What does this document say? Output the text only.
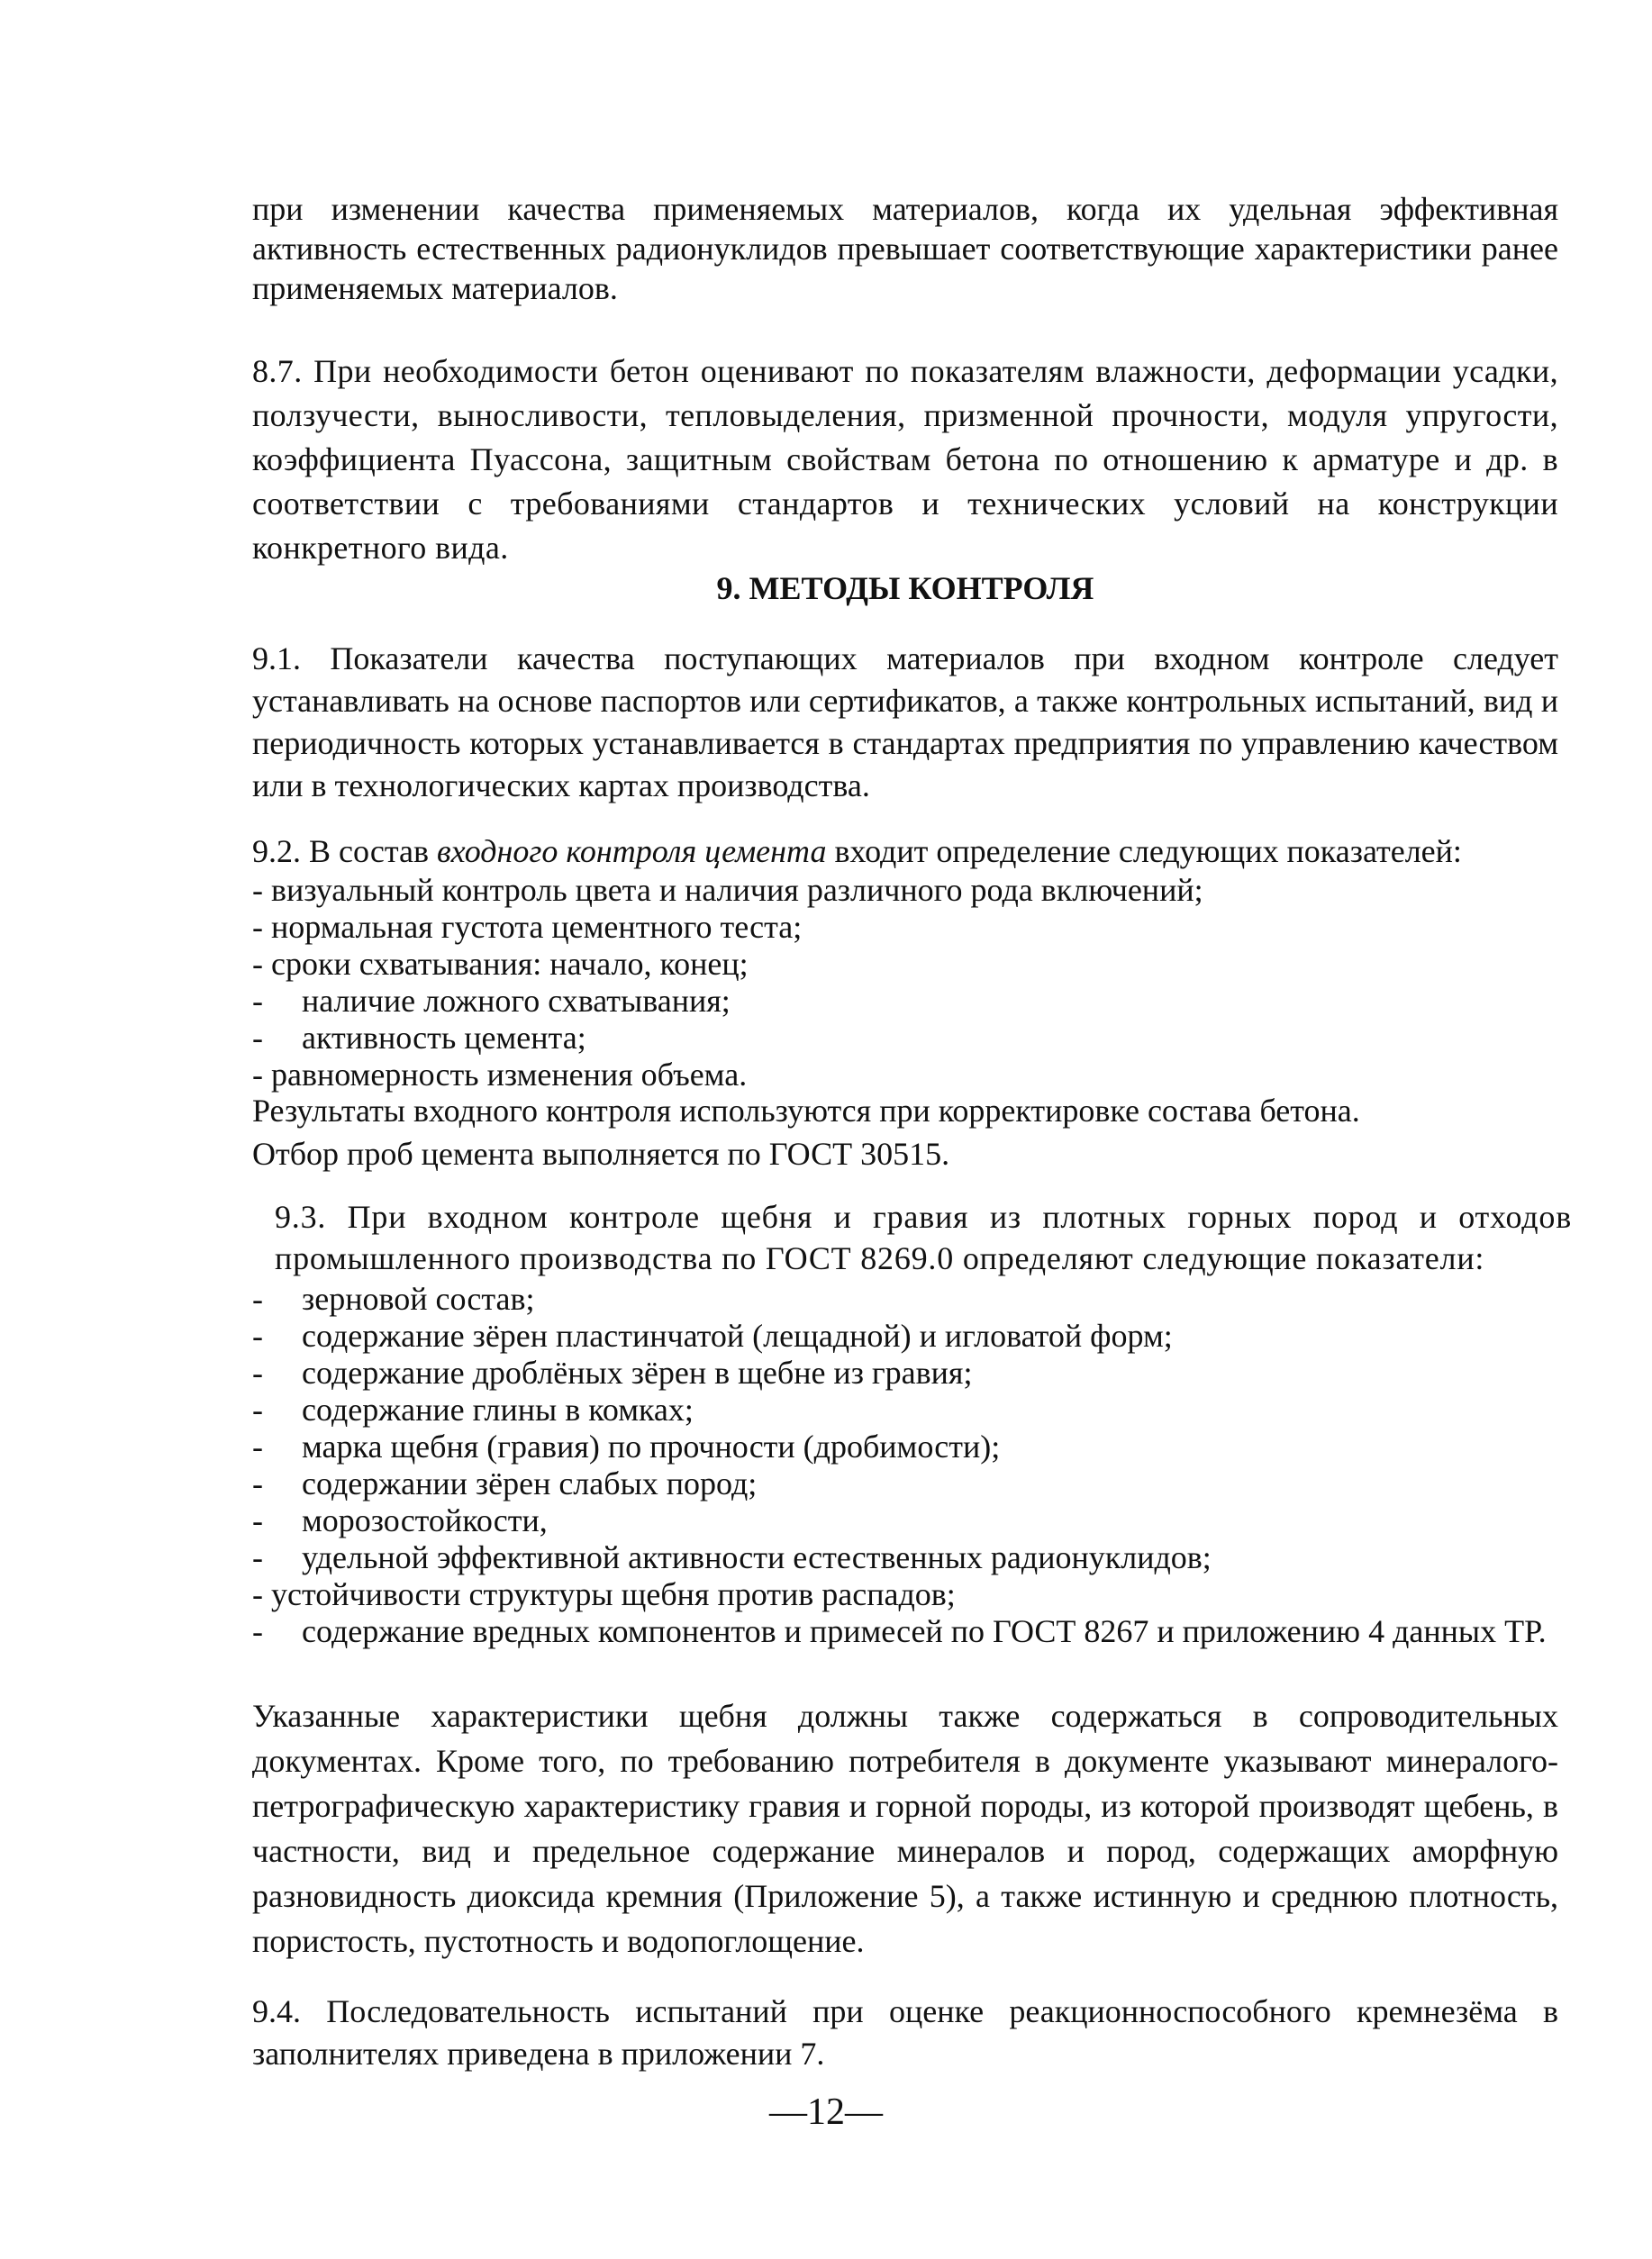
при изменении качества применяемых материалов, когда их удельная эффективная активность естественных радионуклидов превышает соответствующие характеристики ранее применяемых материалов.

8.7. При необходимости бетон оценивают по показателям влажности, деформации усадки, ползучести, выносливости, тепловыделения, призменной прочности, модуля упругости, коэффициента Пуассона, защитным свойствам бетона по отношению к арматуре и др. в соответствии с требованиями стандартов и технических условий на конструкции конкретного вида.

9. МЕТОДЫ КОНТРОЛЯ

9.1. Показатели качества поступающих материалов при входном контроле следует устанавливать на основе паспортов или сертификатов, а также контрольных испытаний, вид и периодичность которых устанавливается в стандартах предприятия по управлению качеством или в технологических картах производства.

9.2. В состав входного контроля цемента входит определение следующих показателей:

- визуальный контроль цвета и наличия различного рода включений;
- нормальная густота цементного теста;
- сроки схватывания: начало, конец;
- наличие ложного схватывания;
- активность цемента;
- равномерность изменения объема.

Результаты входного контроля используются при корректировке состава бетона.

Отбор проб цемента выполняется по ГОСТ 30515.

9.3. При входном контроле щебня и гравия из плотных горных пород и отходов промышленного производства по ГОСТ 8269.0 определяют следующие показатели:

- зерновой состав;
- содержание зёрен пластинчатой (лещадной) и игловатой форм;
- содержание дроблёных зёрен в щебне из гравия;
- содержание глины в комках;
- марка щебня (гравия) по прочности (дробимости);
- содержании зёрен слабых пород;
- морозостойкости,
- удельной эффективной активности естественных радионуклидов;
- устойчивости структуры щебня против распадов;
- содержание вредных компонентов и примесей по ГОСТ 8267 и приложению 4 данных ТР.

Указанные характеристики щебня должны также содержаться в сопроводительных документах. Кроме того, по требованию потребителя в документе указывают минералого-петрографическую характеристику гравия и горной породы, из которой производят щебень, в частности, вид и предельное содержание минералов и пород, содержащих аморфную разновидность диоксида кремния (Приложение 5), а также истинную и среднюю плотность, пористость, пустотность и водопоглощение.

9.4. Последовательность испытаний при оценке реакционноспособного кремнезёма в заполнителях приведена в приложении 7.

—12—
